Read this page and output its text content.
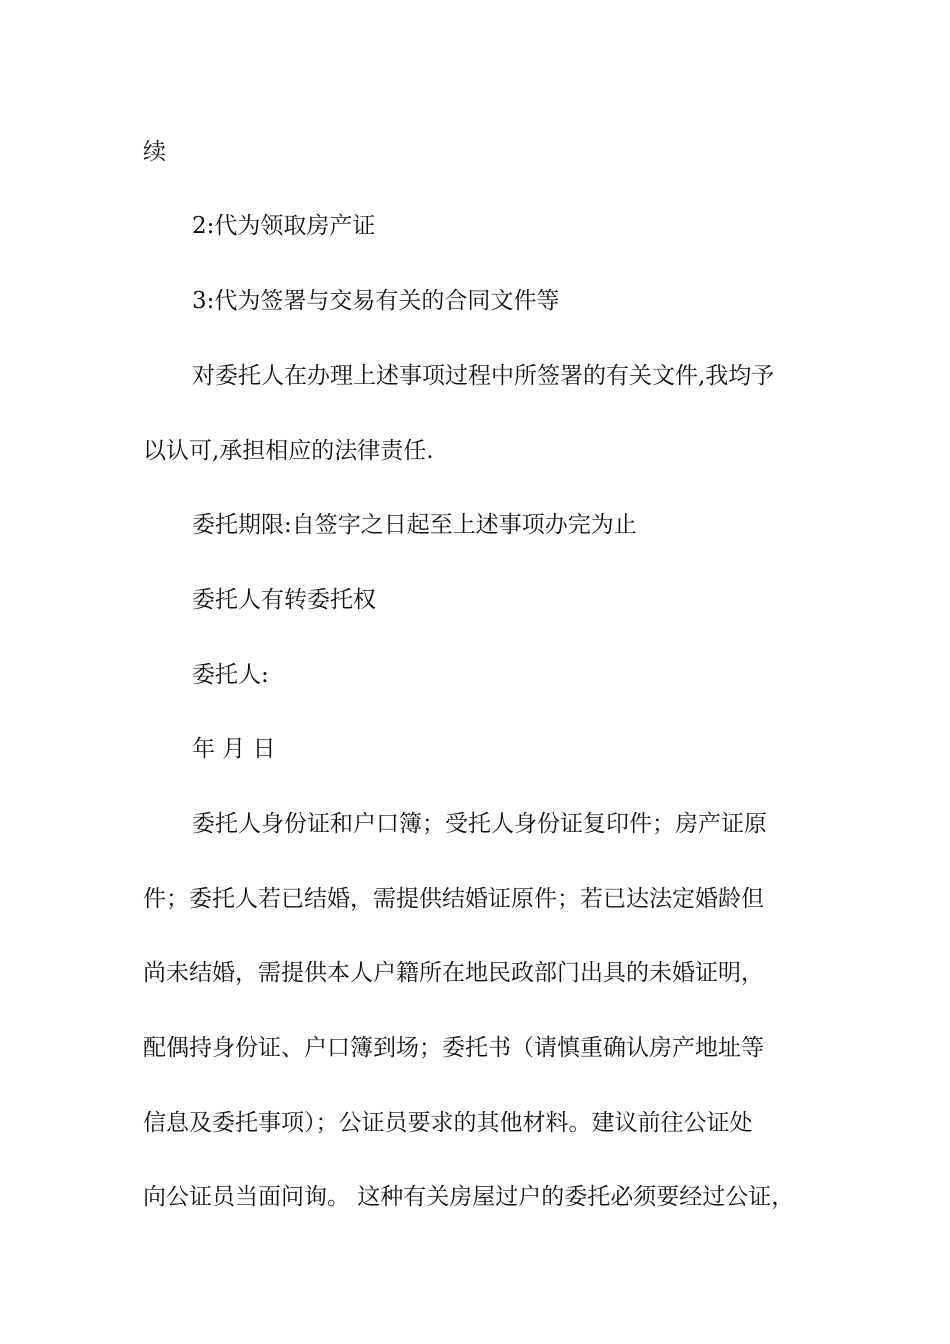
续

2:代为领取房产证

3:代为签署与交易有关的合同文件等

对委托人在办理上述事项过程中所签署的有关文件,我均予

以认可,承担相应的法律责任.

委托期限:自签字之日起至上述事项办完为止

委托人有转委托权

委托人:

年 月 日

委托人身份证和户口簿；受托人身份证复印件；房产证原

件；委托人若已结婚，需提供结婚证原件；若已达法定婚龄但

尚未结婚，需提供本人户籍所在地民政部门出具的未婚证明，

配偶持身份证、户口簿到场；委托书（请慎重确认房产地址等

信息及委托事项）；公证员要求的其他材料。建议前往公证处

向公证员当面问询。 这种有关房屋过户的委托必须要经过公证，
